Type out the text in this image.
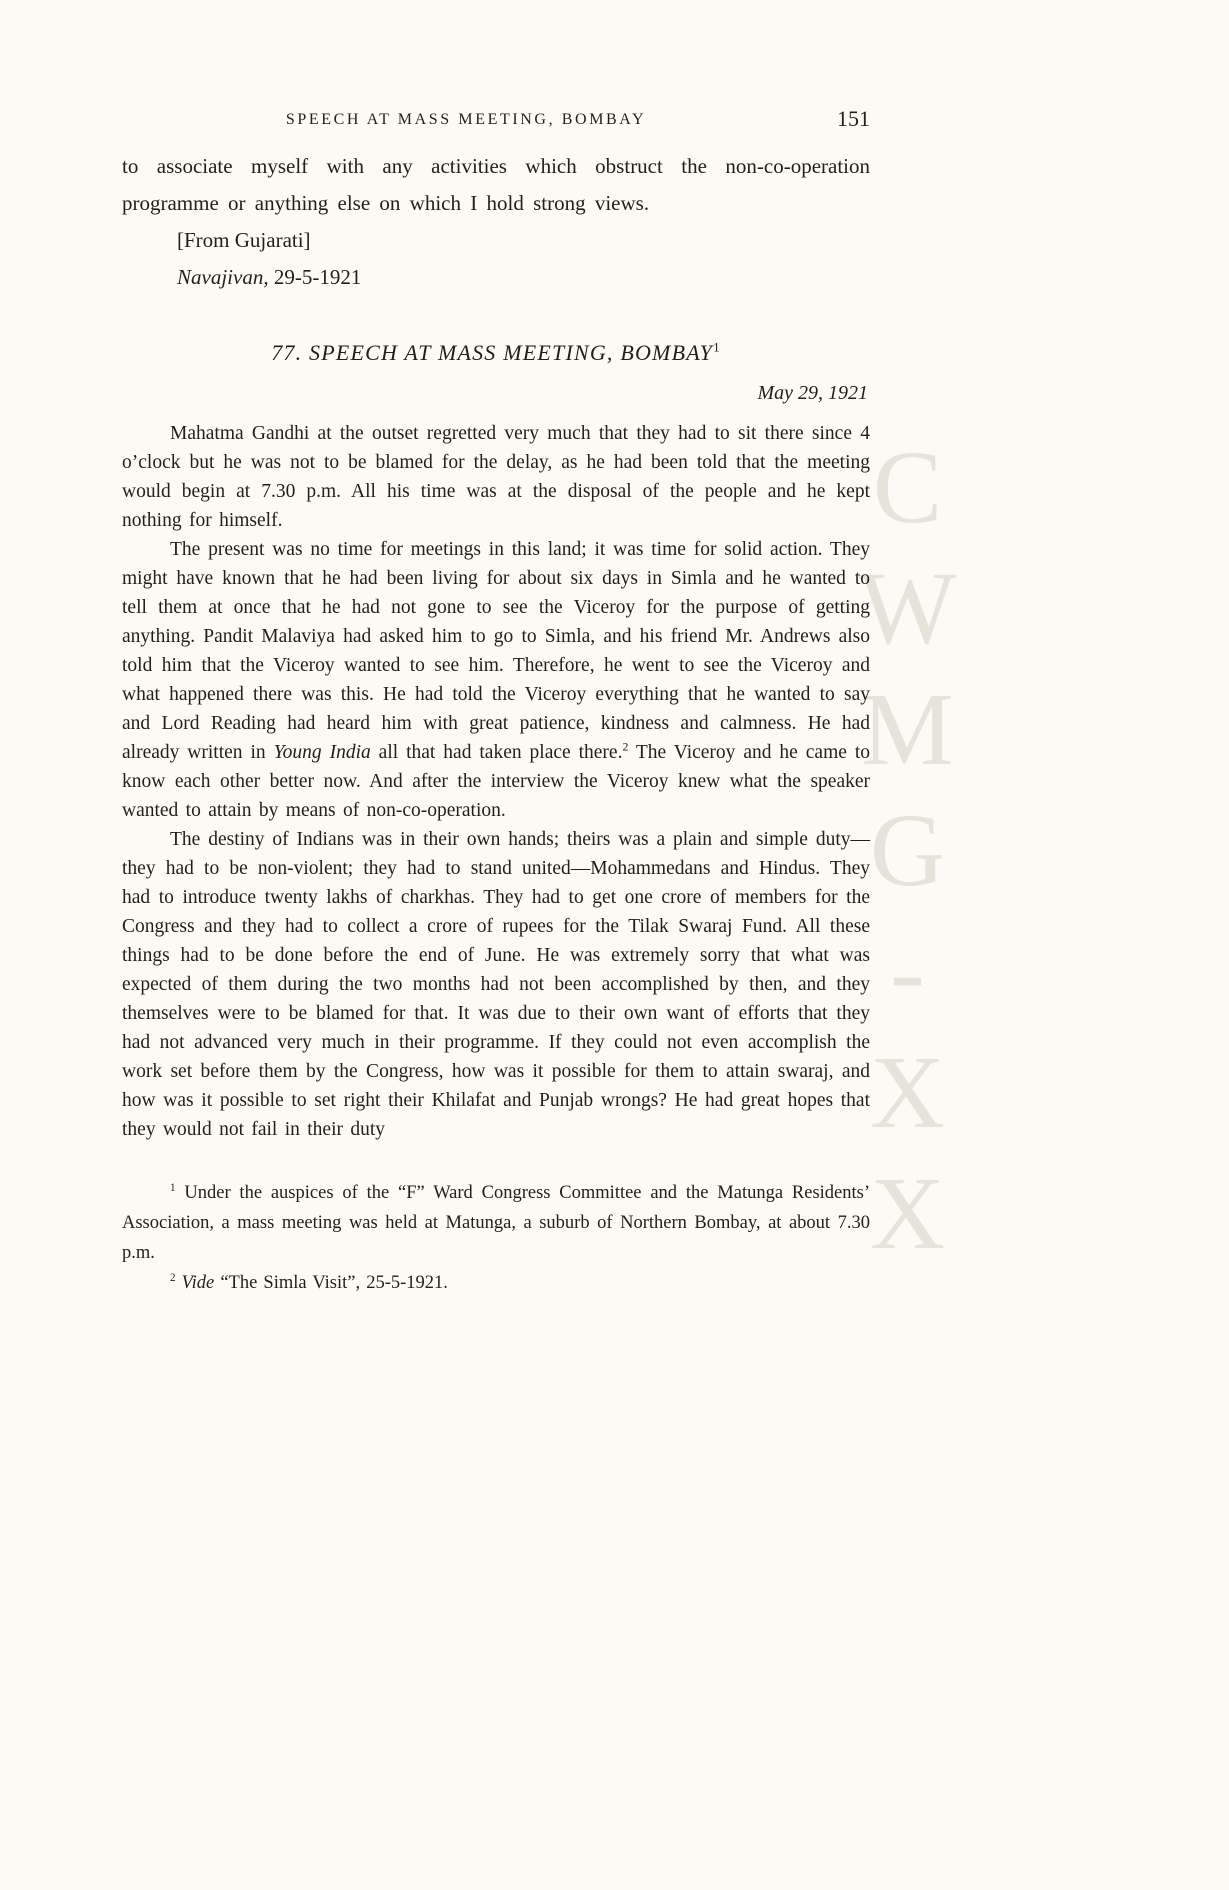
CWMG-XX
SPEECH AT MASS MEETING, BOMBAY	151

to associate myself with any activities which obstruct the non-co-operation programme or anything else on which I hold strong views.

[From Gujarati]

Navajivan, 29-5-1921

77. SPEECH AT MASS MEETING, BOMBAY$^1$

May 29, 1921

Mahatma Gandhi at the outset regretted very much that they had to sit there since 4 o’clock but he was not to be blamed for the delay, as he had been told that the meeting would begin at 7.30 p.m. All his time was at the disposal of the people and he kept nothing for himself.

The present was no time for meetings in this land; it was time for solid action. They might have known that he had been living for about six days in Simla and he wanted to tell them at once that he had not gone to see the Viceroy for the purpose of getting anything. Pandit Malaviya had asked him to go to Simla, and his friend Mr. Andrews also told him that the Viceroy wanted to see him. Therefore, he went to see the Viceroy and what happened there was this. He had told the Viceroy everything that he wanted to say and Lord Reading had heard him with great patience, kindness and calmness. He had already written in Young India all that had taken place there.$^2$ The Viceroy and he came to know each other better now. And after the interview the Viceroy knew what the speaker wanted to attain by means of non-co-operation.

The destiny of Indians was in their own hands; theirs was a plain and simple duty—they had to be non-violent; they had to stand united—Mohammedans and Hindus. They had to introduce twenty lakhs of charkhas. They had to get one crore of members for the Congress and they had to collect a crore of rupees for the Tilak Swaraj Fund. All these things had to be done before the end of June. He was extremely sorry that what was expected of them during the two months had not been accomplished by then, and they themselves were to be blamed for that. It was due to their own want of efforts that they had not advanced very much in their programme. If they could not even accomplish the work set before them by the Congress, how was it possible for them to attain swaraj, and how was it possible to set right their Khilafat and Punjab wrongs? He had great hopes that they would not fail in their duty

$^1$ Under the auspices of the “F” Ward Congress Committee and the Matunga Residents’ Association, a mass meeting was held at Matunga, a suburb of Northern Bombay, at about 7.30 p.m.

$^2$ Vide “The Simla Visit”, 25-5-1921.
